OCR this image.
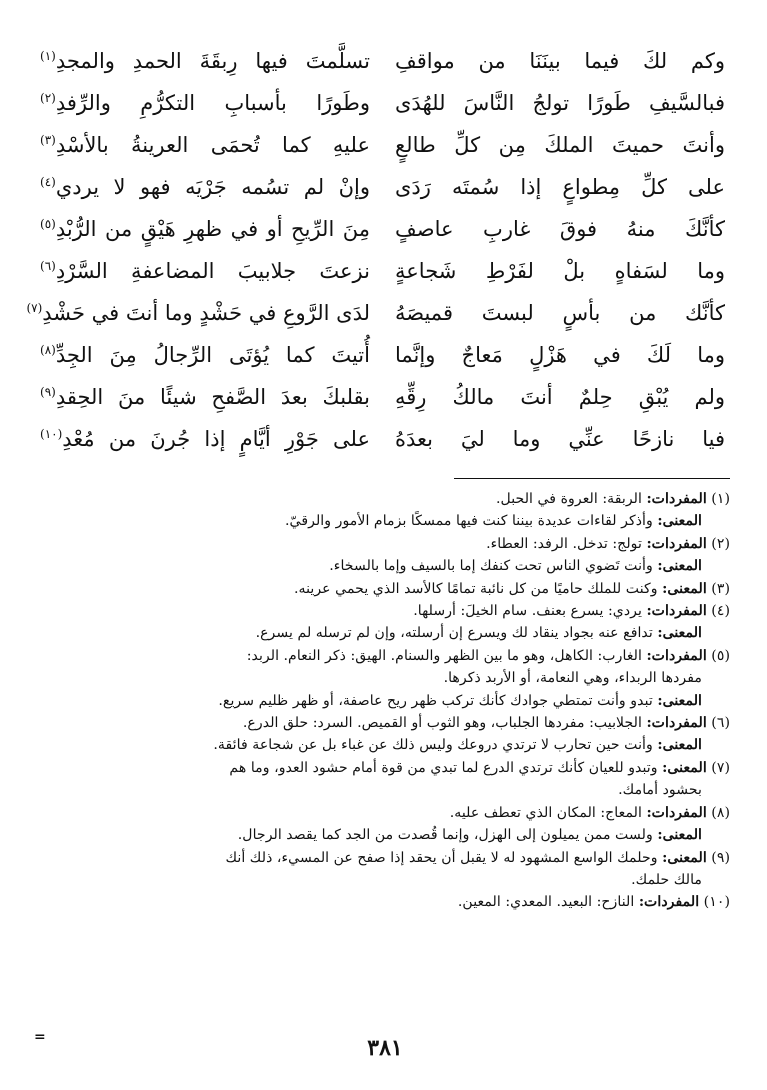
وكم لكَ فيما بينَنَا من مواقفِ
تسلَّمتَ فيها رِبقَةَ الحمدِ والمجدِ$^{(١)}$
فبالسَّيفِ طَورًا تولجُ النَّاسَ للهُدَى
وطَورًا بأسبابِ التكرُّمِ والرِّفدِ$^{(٢)}$
وأنتَ حميتَ الملكَ مِن كلِّ طالعٍ
عليهِ كما تُحمَى العرينةُ بالأسْدِ$^{(٣)}$
على كلِّ مِطواعٍ إذا سُمتَه رَدَى
وإنْ لم تسُمه جَرْيَه فهو لا يردي$^{(٤)}$
كأنَّكَ منهُ فوقَ غاربِ عاصفٍ
مِنَ الرِّيحِ أو في ظهرِ هَيْقٍ من الرُّبْدِ$^{(٥)}$
وما لسَفاهٍ بلْ لفَرْطِ شَجاعةٍ
نزعتَ جلابيبَ المضاعفةِ السَّرْدِ$^{(٦)}$
كأنَّك من بأسٍ لبستَ قميصَهُ
لدَى الرَّوعِ في حَشْدٍ وما أنتَ في حَشْدِ$^{(٧)}$
وما لَكَ في هَزْلٍ مَعاجٌ وإنَّما
أُتيتَ كما يُؤتَى الرِّجالُ مِنَ الجِدِّ$^{(٨)}$
ولم يُبْقِ حِلمٌ أنتَ مالكُ رِقِّهِ
بقلبكَ بعدَ الصَّفحِ شيئًا منَ الحِقدِ$^{(٩)}$
فيا نازحًا عنِّي وما ليَ بعدَهُ
على جَوْرِ أيَّامٍ إذا جُرنَ من مُعْدِ$^{(١٠)}$
(١) المفردات: الربقة: العروة في الحبل.
المعنى: وأذكر لقاءات عديدة بيننا كنت فيها ممسكًا بزمام الأمور والرقيّ.
(٢) المفردات: تولج: تدخل. الرفد: العطاء.
المعنى: وأنت تَضوي الناس تحت كنفك إما بالسيف وإما بالسخاء.
(٣) المعنى: وكنت للملك حاميًا من كل نائبة تمامًا كالأسد الذي يحمي عرينه.
(٤) المفردات: يردي: يسرع بعنف. سام الخيلَ: أرسلها.
المعنى: تدافع عنه بجواد ينقاد لك ويسرع إن أرسلته، وإن لم ترسله لم يسرع.
(٥) المفردات: الغارب: الكاهل، وهو ما بين الظهر والسنام. الهيق: ذكر النعام. الربد:
مفردها الربداء، وهي النعامة، أو الأربد ذكرها.
المعنى: تبدو وأنت تمتطي جوادك كأنك تركب ظهر ريح عاصفة، أو ظهر ظليم سريع.
(٦) المفردات: الجلابيب: مفردها الجلباب، وهو الثوب أو القميص. السرد: حلق الدرع.
المعنى: وأنت حين تحارب لا ترتدي دروعك وليس ذلك عن غباء بل عن شجاعة فائقة.
(٧) المعنى: وتبدو للعيان كأنك ترتدي الدرع لما تبدي من قوة أمام حشود العدو، وما هم
بحشود أمامك.
(٨) المفردات: المعاج: المكان الذي تعطف عليه.
المعنى: ولست ممن يميلون إلى الهزل، وإنما قُصدت من الجد كما يقصد الرجال.
(٩) المعنى: وحلمك الواسع المشهود له لا يقبل أن يحقد إذا صفح عن المسيء، ذلك أنك
مالك حلمك.
(١٠) المفردات: النازح: البعيد. المعدي: المعين.
=	٣٨١
